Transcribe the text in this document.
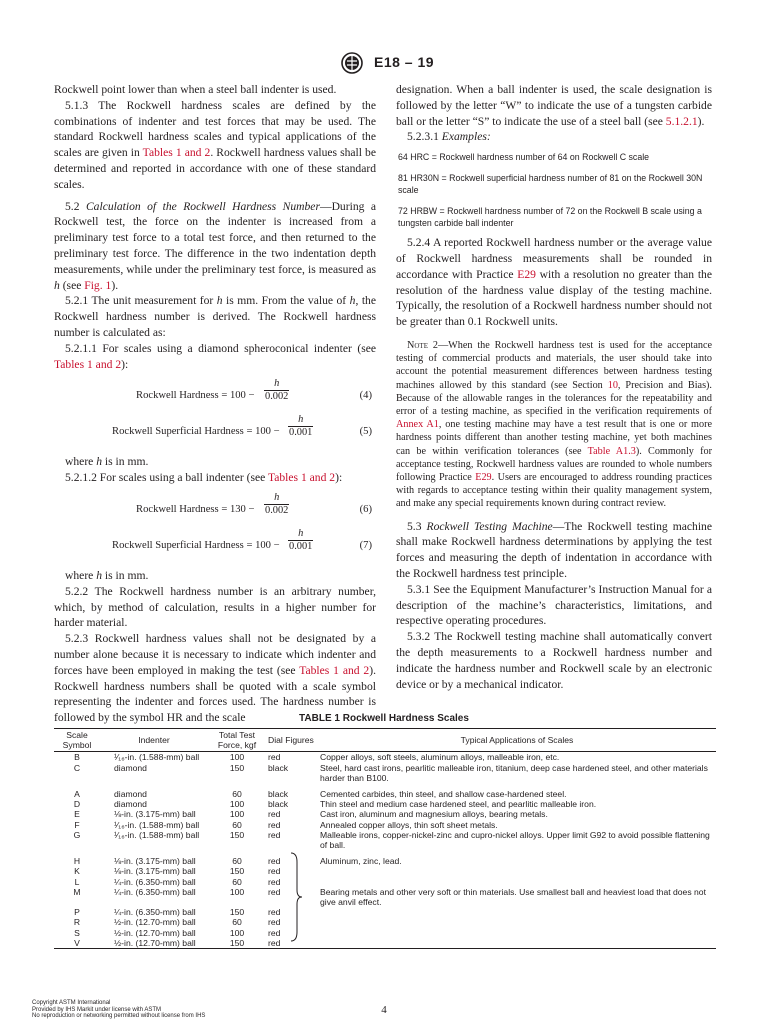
E18 – 19

Rockwell point lower than when a steel ball indenter is used.

5.1.3 The Rockwell hardness scales are defined by the combinations of indenter and test forces that may be used. The standard Rockwell hardness scales and typical applications of the scales are given in Tables 1 and 2. Rockwell hardness values shall be determined and reported in accordance with one of these standard scales.

5.2 Calculation of the Rockwell Hardness Number—During a Rockwell test, the force on the indenter is increased from a preliminary test force to a total test force, and then returned to the preliminary test force. The difference in the two indentation depth measurements, while under the preliminary test force, is measured as h (see Fig. 1).

5.2.1 The unit measurement for h is mm. From the value of h, the Rockwell hardness number is derived. The Rockwell hardness number is calculated as:

5.2.1.1 For scales using a diamond spheroconical indenter (see Tables 1 and 2):

Rockwell Hardness = $100 - \frac{h}{0.002}$	(4)
Rockwell Superficial Hardness = $100 - \frac{h}{0.001}$	(5)

where h is in mm.

5.2.1.2 For scales using a ball indenter (see Tables 1 and 2):

Rockwell Hardness = $130 - \frac{h}{0.002}$	(6)
Rockwell Superficial Hardness = $100 - \frac{h}{0.001}$	(7)

where h is in mm.

5.2.2 The Rockwell hardness number is an arbitrary number, which, by method of calculation, results in a higher number for harder material.

5.2.3 Rockwell hardness values shall not be designated by a number alone because it is necessary to indicate which indenter and forces have been employed in making the test (see Tables 1 and 2). Rockwell hardness numbers shall be quoted with a scale symbol representing the indenter and forces used. The hardness number is followed by the symbol HR and the scale

designation. When a ball indenter is used, the scale designation is followed by the letter “W” to indicate the use of a tungsten carbide ball or the letter “S” to indicate the use of a steel ball (see 5.1.2.1).

5.2.3.1 Examples:

64 HRC = Rockwell hardness number of 64 on Rockwell C scale

81 HR30N = Rockwell superficial hardness number of 81 on the Rockwell 30N scale

72 HRBW = Rockwell hardness number of 72 on the Rockwell B scale using a tungsten carbide ball indenter

5.2.4 A reported Rockwell hardness number or the average value of Rockwell hardness measurements shall be rounded in accordance with Practice E29 with a resolution no greater than the resolution of the hardness value display of the testing machine. Typically, the resolution of a Rockwell hardness number should not be greater than 0.1 Rockwell units.

Note 2—When the Rockwell hardness test is used for the acceptance testing of commercial products and materials, the user should take into account the potential measurement differences between hardness testing machines allowed by this standard (see Section 10, Precision and Bias). Because of the allowable ranges in the tolerances for the repeatability and error of a testing machine, as specified in the verification requirements of Annex A1, one testing machine may have a test result that is one or more hardness points different than another testing machine, yet both machines can be within verification tolerances (see Table A1.3). Commonly for acceptance testing, Rockwell hardness values are rounded to whole numbers following Practice E29. Users are encouraged to address rounding practices with regards to acceptance testing within their quality management system, and make any special requirements known during contract review.

5.3 Rockwell Testing Machine—The Rockwell testing machine shall make Rockwell hardness determinations by applying the test forces and measuring the depth of indentation in accordance with the Rockwell hardness test principle.

5.3.1 See the Equipment Manufacturer’s Instruction Manual for a description of the machine’s characteristics, limitations, and respective operating procedures.

5.3.2 The Rockwell testing machine shall automatically convert the depth measurements to a Rockwell hardness number and indicate the hardness number and Rockwell scale by an electronic device or by a mechanical indicator.

TABLE 1 Rockwell Hardness Scales
Scale Symbol	Indenter	Total Test Force, kgf	Dial Figures	Typical Applications of Scales
B	¹⁄₁₆-in. (1.588-mm) ball	100	red	Copper alloys, soft steels, aluminum alloys, malleable iron, etc.
C	diamond	150	black	Steel, hard cast irons, pearlitic malleable iron, titanium, deep case hardened steel, and other materials harder than B100.
A	diamond	60	black	Cemented carbides, thin steel, and shallow case-hardened steel.
D	diamond	100	black	Thin steel and medium case hardened steel, and pearlitic malleable iron.
E	⅛-in. (3.175-mm) ball	100	red	Cast iron, aluminum and magnesium alloys, bearing metals.
F	¹⁄₁₆-in. (1.588-mm) ball	60	red	Annealed copper alloys, thin soft sheet metals.
G	¹⁄₁₆-in. (1.588-mm) ball	150	red	Malleable irons, copper-nickel-zinc and cupro-nickel alloys. Upper limit G92 to avoid possible flattening of ball.
H	⅛-in. (3.175-mm) ball	60	red	Aluminum, zinc, lead.
K	⅛-in. (3.175-mm) ball	150	red	
L	¼-in. (6.350-mm) ball	60	red	
M	¼-in. (6.350-mm) ball	100	red	Bearing metals and other very soft or thin materials. Use smallest ball and heaviest load that does not give anvil effect.
P	¼-in. (6.350-mm) ball	150	red	
R	½-in. (12.70-mm) ball	60	red	
S	½-in. (12.70-mm) ball	100	red	
V	½-in. (12.70-mm) ball	150	red	
Copyright ASTM International
Provided by IHS Markit under license with ASTM
No reproduction or networking permitted without license from IHS
4
